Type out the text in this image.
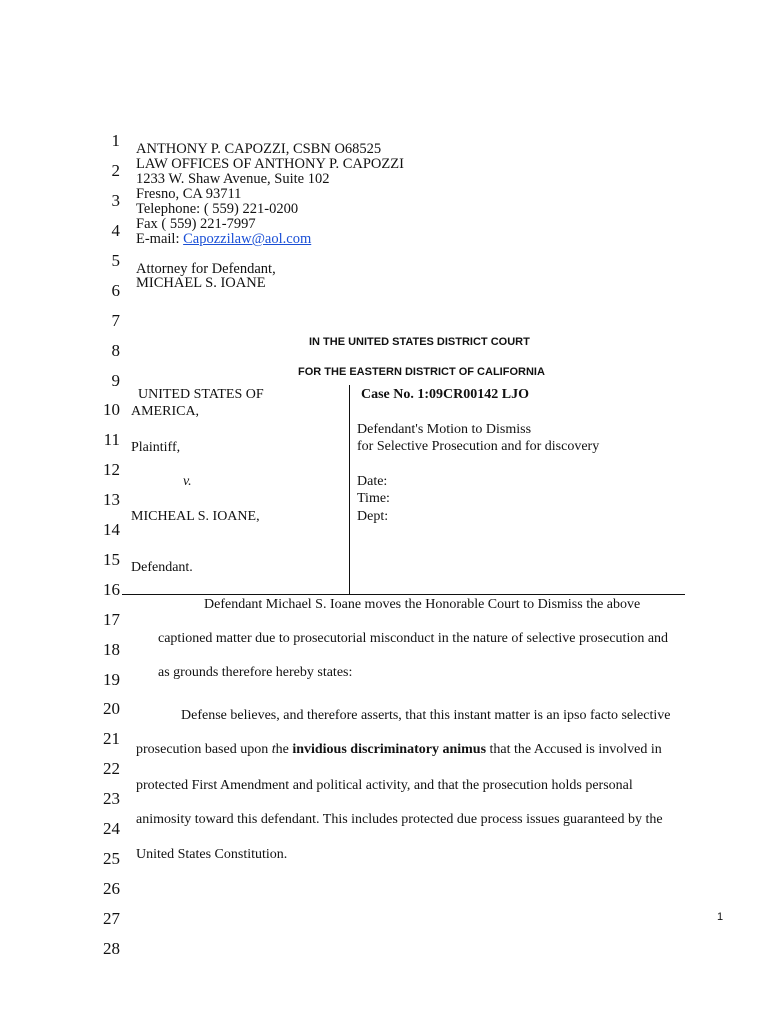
1
2
3
4
5
6
7
8
9
10
11
12
13
14
15
16
17
18
19
20
21
22
23
24
25
26
27
28
ANTHONY P. CAPOZZI, CSBN O68525
LAW OFFICES OF ANTHONY P. CAPOZZI
1233 W. Shaw Avenue, Suite 102
Fresno, CA 93711
Telephone: ( 559) 221-0200
Fax ( 559) 221-7997
E-mail: Capozzilaw@aol.com
Attorney for Defendant,
MICHAEL S. IOANE
IN THE UNITED STATES DISTRICT COURT
FOR THE EASTERN DISTRICT OF CALIFORNIA
UNITED STATES OF
AMERICA,
Plaintiff,
v.
MICHEAL S. IOANE,
Defendant.
Case No. 1:09CR00142 LJO
Defendant's Motion to Dismiss
for Selective Prosecution and for discovery
Date:
Time:
Dept:
Defendant Michael S. Ioane moves the Honorable Court to Dismiss the above
captioned matter due to prosecutorial misconduct in the nature of selective prosecution and
as grounds therefore hereby states:
Defense believes, and therefore asserts, that this instant matter is an ipso facto selective
prosecution based upon the invidious discriminatory animus that the Accused is involved in
protected First Amendment and political activity, and that the prosecution holds personal
animosity toward this defendant. This includes protected due process issues guaranteed by the
United States Constitution.
1
